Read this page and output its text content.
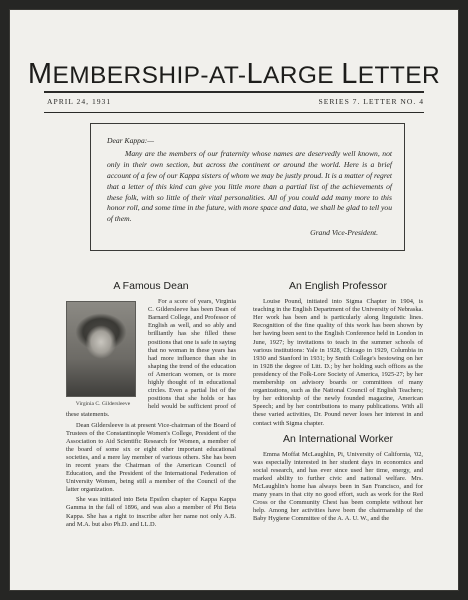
MEMBERSHIP-AT-LARGE LETTER
APRIL 24, 1931	SERIES 7. LETTER NO. 4

Dear Kappa:—

Many are the members of our fraternity whose names are deservedly well known, not only in their own section, but across the continent or around the world. Here is a brief account of a few of our Kappa sisters of whom we may be justly proud. It is a matter of regret that a letter of this kind can give you little more than a partial list of the achievements of these folk, with so little of their vital personalities. All of you could add many more to this honor roll, and some time in the future, with more space and data, we shall be glad to tell you of them.

Grand Vice-President.

A Famous Dean
Virginia C. Gildersleeve

For a score of years, Virginia C. Gildersleeve has been Dean of Barnard College, and Professor of English as well, and so ably and brilliantly has she filled these positions that one is safe in saying that no woman in these years has had more influence than she in shaping the trend of the education of American women, or is more highly thought of in educational circles. Even a partial list of the positions that she holds or has held would be sufficient proof of these statements.

Dean Gildersleeve is at present Vice-chairman of the Board of Trustees of the Constantinople Women's College, President of the Association to Aid Scientific Research for Women, a member of the board of some six or eight other important educational societies, and a mere lay member of various others. She has been in recent years the Chairman of the American Council of Education, and the President of the International Federation of University Women, being still a member of the Council of the latter organization.

She was initiated into Beta Epsilon chapter of Kappa Kappa Gamma in the fall of 1896, and was also a member of Phi Beta Kappa. She has a right to inscribe after her name not only A.B. and M.A. but also Ph.D. and LL.D.

An English Professor

Louise Pound, initiated into Sigma Chapter in 1904, is teaching in the English Department of the University of Nebraska. Her work has been and is particularly along linguistic lines. Recognition of the fine quality of this work has been shown by her having been sent to the English Conference held in London in June, 1927; by invitations to teach in the summer schools of various institutions: Yale in 1928, Chicago in 1929, Columbia in 1930 and Stanford in 1931; by Smith College's bestowing on her in 1928 the degree of Litt. D.; by her holding such offices as the presidency of the Folk-Lore Society of America, 1925-27; by her membership on advisory boards or committees of many organizations, such as the National Council of English Teachers; by her editorship of the newly founded magazine, American Speech; and by her contributions to many publications. With all these varied activities, Dr. Pound never loses her interest in and contact with Sigma chapter.

An International Worker

Emma Moffat McLaughlin, Pi, University of California, '02, was especially interested in her student days in economics and social research, and has ever since used her time, energy, and marked ability to further civic and national welfare. Mrs. McLaughlin's home has always been in San Francisco, and for many years in that city no good effort, such as work for the Red Cross or the Community Chest has been complete without her help. Among her activities have been the chairmanship of the Baby Hygiene Committee of the A. A. U. W., and the
